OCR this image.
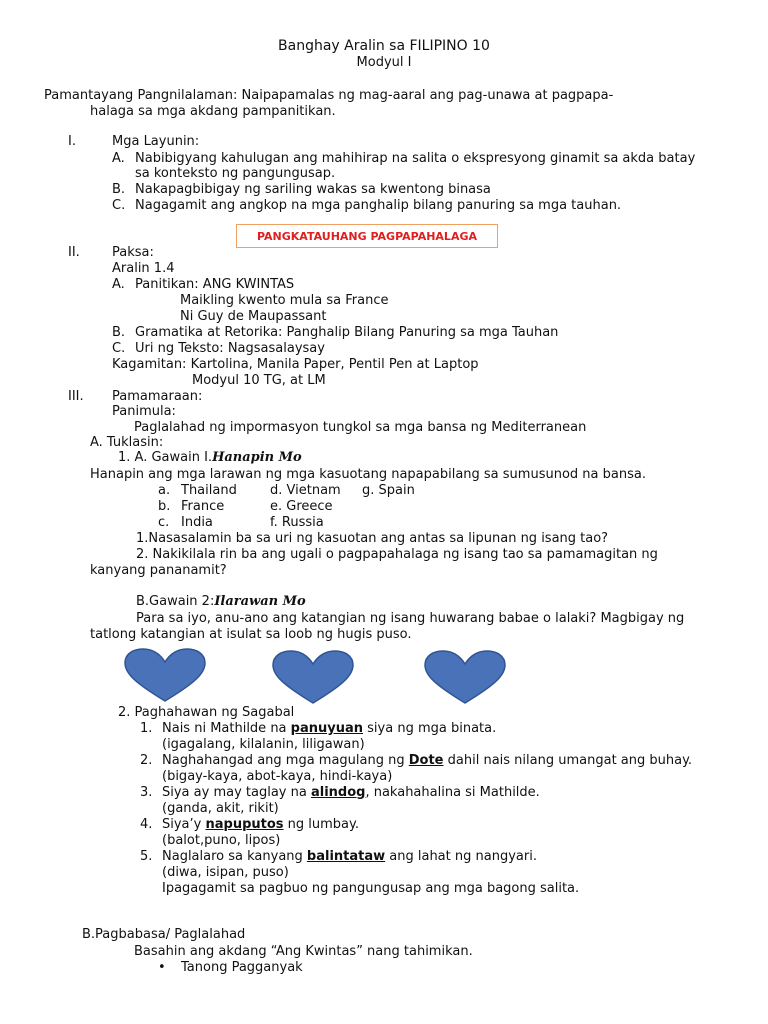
Banghay Aralin sa FILIPINO 10
Modyul I
Pamantayang Pangnilalaman: Naipapamalas ng mag-aaral ang pag-unawa at pagpapa-
halaga sa mga akdang pampanitikan.
I.	Mga Layunin:
A. Nabibigyang kahulugan ang mahihirap na salita o ekspresyong ginamit sa akda batay
sa konteksto ng pangungusap.
B. Nakapagbibigay ng sariling wakas sa kwentong binasa
C. Nagagamit ang angkop na mga panghalip bilang panuring sa mga tauhan.
PANGKATAUHANG PAGPAPAHALAGA
II. Paksa:
Aralin 1.4
A. Panitikan: ANG KWINTAS
Maikling kwento mula sa France
Ni Guy de Maupassant
B. Gramatika at Retorika: Panghalip Bilang Panuring sa mga Tauhan
C. Uri ng Teksto: Nagsasalaysay
Kagamitan: Kartolina, Manila Paper, Pentil Pen at Laptop
Modyul 10 TG, at LM
III. Pamamaraan:
Panimula:
Paglalahad ng impormasyon tungkol sa mga bansa ng Mediterranean
A. Tuklasin:
1. A. Gawain I.Hanapin Mo
Hanapin ang mga larawan ng mga kasuotang napapabilang sa sumusunod na bansa.
a. Thailand	d. Vietnam g. Spain
b. France	e. Greece
c. India	f. Russia
1.Nasasalamin ba sa uri ng kasuotan ang antas sa lipunan ng isang tao?
2. Nakikilala rin ba ang ugali o pagpapahalaga ng isang tao sa pamamagitan ng
kanyang pananamit?
B.Gawain 2:Ilarawan Mo
Para sa iyo, anu-ano ang katangian ng isang huwarang babae o lalaki? Magbigay ng
tatlong katangian at isulat sa loob ng hugis puso.
2. Paghahawan ng Sagabal
1. Nais ni Mathilde na panuyuan siya ng mga binata.
(igagalang, kilalanin, liligawan)
2. Naghahangad ang mga magulang ng Dote dahil nais nilang umangat ang buhay.
(bigay-kaya, abot-kaya, hindi-kaya)
3. Siya ay may taglay na alindog, nakahahalina si Mathilde.
(ganda, akit, rikit)
4. Siya’y napuputos ng lumbay.
(balot,puno, lipos)
5. Naglalaro sa kanyang balintataw ang lahat ng nangyari.
(diwa, isipan, puso)
Ipagagamit sa pagbuo ng pangungusap ang mga bagong salita.
B.Pagbabasa/ Paglalahad
Basahin ang akdang “Ang Kwintas” nang tahimikan.
• Tanong Pagganyak
